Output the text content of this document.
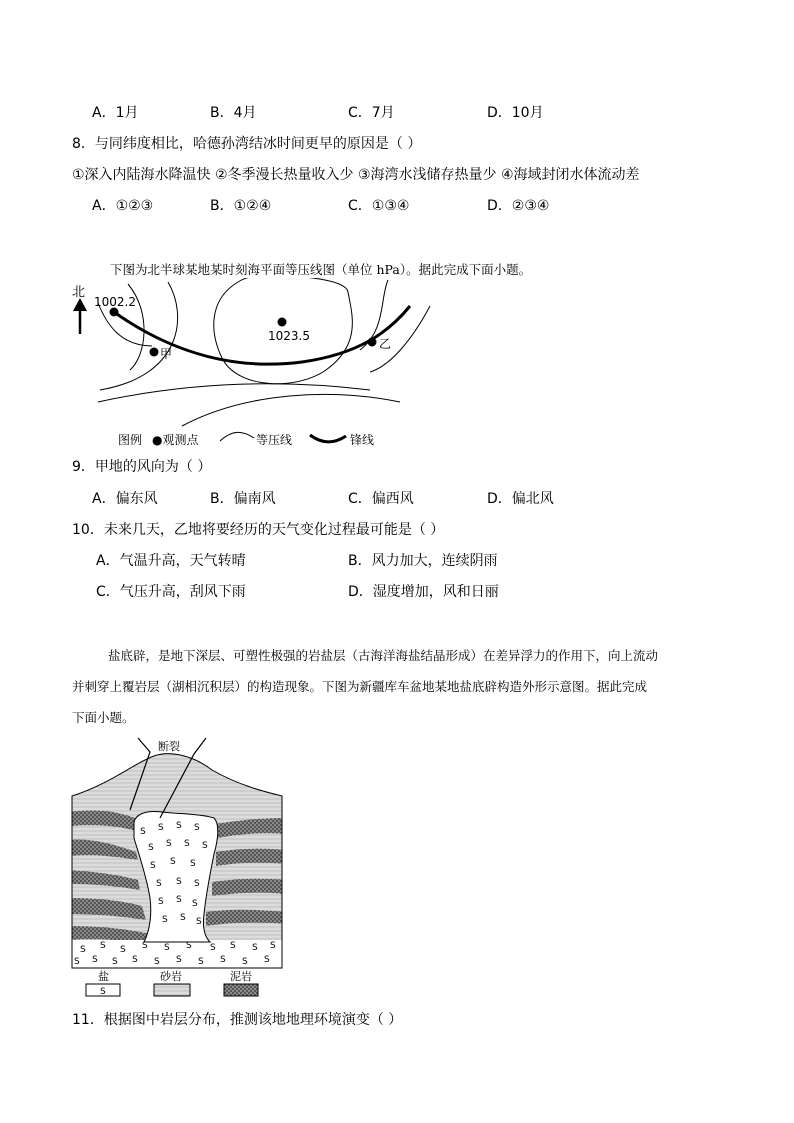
A．1月	B．4月	C．7月	D．10月
8．与同纬度相比，哈德孙湾结冰时间更早的原因是（ ）
①深入内陆海水降温快 ②冬季漫长热量收入少 ③海湾水浅储存热量少 ④海域封闭水体流动差
A．①②③	B．①②④	C．①③④	D．②③④
下图为北半球某地某时刻海平面等压线图（单位 hPa）。据此完成下面小题。
北
1002.2
1023.5
甲
乙
图例 ●观测点	等压线	锋线
9．甲地的风向为（ ）
A．偏东风	B．偏南风	C．偏西风	D．偏北风
10．未来几天，乙地将要经历的天气变化过程最可能是（ ）
A．气温升高，天气转晴	B．风力加大，连续阴雨
C．气压升高，刮风下雨	D．湿度增加，风和日丽
盐底辟，是地下深层、可塑性极强的岩盐层（古海洋海盐结晶形成）在差异浮力的作用下，向上流动
并刺穿上覆岩层（湖相沉积层）的构造现象。下图为新疆库车盆地某地盐底辟构造外形示意图。据此完成
下面小题。
断裂
S S S S
S S S S
S S S
S S S
S S S
S S S
S S S S S S S S S S
S S S S S S S S S S
盐	砂岩	泥岩
S
11．根据图中岩层分布，推测该地地理环境演变（ ）
